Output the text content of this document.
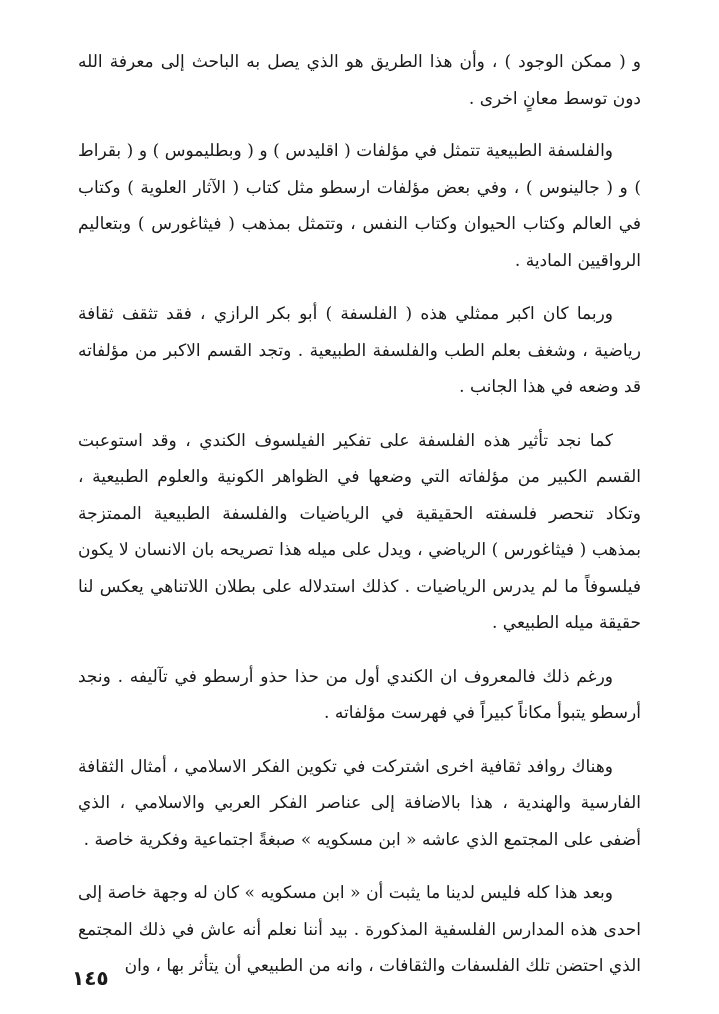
و ( ممكن الوجود ) ، وأن هذا الطريق هو الذي يصل به الباحث إلى معرفة الله دون توسط معانٍ اخرى .

والفلسفة الطبيعية تتمثل في مؤلفات ( اقليدس ) و ( وبطليموس ) و ( بقراط ) و ( جالينوس ) ، وفي بعض مؤلفات ارسطو مثل كتاب ( الآثار العلوية ) وكتاب في العالم وكتاب الحيوان وكتاب النفس ، وتتمثل بمذهب ( فيثاغورس ) وبتعاليم الرواقيين المادية .

وربما كان اكبر ممثلي هذه ( الفلسفة ) أبو بكر الرازي ، فقد تثقف ثقافة رياضية ، وشغف بعلم الطب والفلسفة الطبيعية . وتجد القسم الاكبر من مؤلفاته قد وضعه في هذا الجانب .

كما نجد تأثير هذه الفلسفة على تفكير الفيلسوف الكندي ، وقد استوعبت القسم الكبير من مؤلفاته التي وضعها في الظواهر الكونية والعلوم الطبيعية ، وتكاد تنحصر فلسفته الحقيقية في الرياضيات والفلسفة الطبيعية الممتزجة بمذهب ( فيثاغورس ) الرياضي ، ويدل على ميله هذا تصريحه بان الانسان لا يكون فيلسوفاً ما لم يدرس الرياضيات . كذلك استدلاله على بطلان اللاتناهي يعكس لنا حقيقة ميله الطبيعي .

ورغم ذلك فالمعروف ان الكندي أول من حذا حذو أرسطو في تآليفه . ونجد أرسطو يتبوأ مكاناً كبيراً في فهرست مؤلفاته .

وهناك روافد ثقافية اخرى اشتركت في تكوين الفكر الاسلامي ، أمثال الثقافة الفارسية والهندية ، هذا بالاضافة إلى عناصر الفكر العربي والاسلامي ، الذي أضفى على المجتمع الذي عاشه « ابن مسكويه » صبغةً اجتماعية وفكرية خاصة .

وبعد هذا كله فليس لدينا ما يثبت أن « ابن مسكويه » كان له وجهة خاصة إلى احدى هذه المدارس الفلسفية المذكورة . بيد أننا نعلم أنه عاش في ذلك المجتمع الذي احتضن تلك الفلسفات والثقافات ، وانه من الطبيعي أن يتأثر بها ، وان

١٤٥
